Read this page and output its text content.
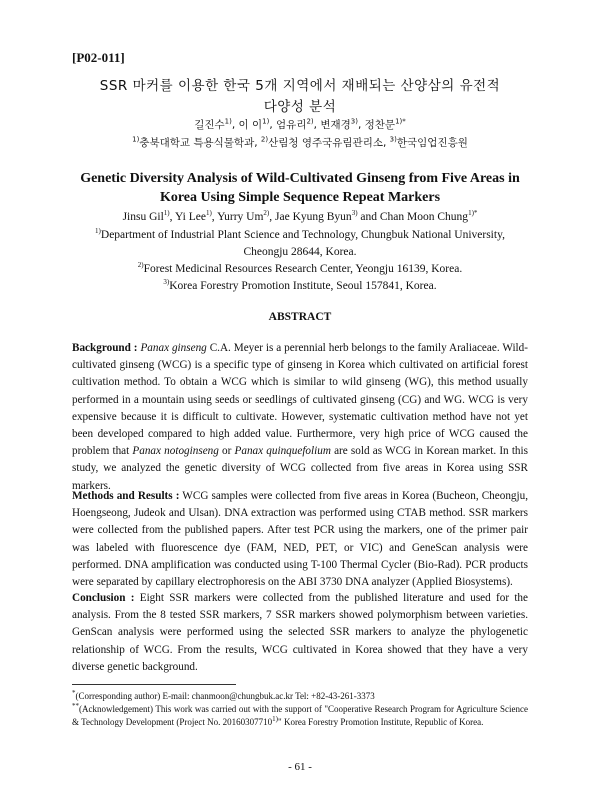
[P02-011]
SSR 마커를 이용한 한국 5개 지역에서 재배되는 산양삼의 유전적
다양성 분석
길진수$^{1)}$, 이 이$^{1)}$, 엄유리$^{2)}$, 변재경$^{3)}$, 정찬문$^{1)*}$
$^{1)}$충북대학교 특용식물학과, $^{2)}$산림청 영주국유림관리소, $^{3)}$한국임업진흥원
Genetic Diversity Analysis of Wild-Cultivated Ginseng from Five Areas in
Korea Using Simple Sequence Repeat Markers
Jinsu Gil$^{1)}$, Yi Lee$^{1)}$, Yurry Um$^{2)}$, Jae Kyung Byun$^{3)}$ and Chan Moon Chung$^{1)*}$
$^{1)}$Department of Industrial Plant Science and Technology, Chungbuk National University,
Cheongju 28644, Korea.
$^{2)}$Forest Medicinal Resources Research Center, Yeongju 16139, Korea.
$^{3)}$Korea Forestry Promotion Institute, Seoul 157841, Korea.
ABSTRACT
Background : Panax ginseng C.A. Meyer is a perennial herb belongs to the family Araliaceae. Wild-cultivated ginseng (WCG) is a specific type of ginseng in Korea which cultivated on artificial forest cultivation method. To obtain a WCG which is similar to wild ginseng (WG), this method usually performed in a mountain using seeds or seedlings of cultivated ginseng (CG) and WG. WCG is very expensive because it is difficult to cultivate. However, systematic cultivation method have not yet been developed compared to high added value. Furthermore, very high price of WCG caused the problem that Panax notoginseng or Panax quinquefolium are sold as WCG in Korean market. In this study, we analyzed the genetic diversity of WCG collected from five areas in Korea using SSR markers.
Methods and Results : WCG samples were collected from five areas in Korea (Bucheon, Cheongju, Hoengseong, Judeok and Ulsan). DNA extraction was performed using CTAB method. SSR markers were collected from the published papers. After test PCR using the markers, one of the primer pair was labeled with fluorescence dye (FAM, NED, PET, or VIC) and GeneScan analysis were performed. DNA amplification was conducted using T-100 Thermal Cycler (Bio-Rad). PCR products were separated by capillary electrophoresis on the ABI 3730 DNA analyzer (Applied Biosystems).
Conclusion : Eight SSR markers were collected from the published literature and used for the analysis. From the 8 tested SSR markers, 7 SSR markers showed polymorphism between varieties. GenScan analysis were performed using the selected SSR markers to analyze the phylogenetic relationship of WCG. From the results, WCG cultivated in Korea showed that they have a very diverse genetic background.
*(Corresponding author) E-mail: chanmoon@chungbuk.ac.kr Tel: +82-43-261-3373
**(Acknowledgement) This work was carried out with the support of "Cooperative Research Program for Agriculture Science & Technology Development (Project No. 20160307710$^{1)}$" Korea Forestry Promotion Institute, Republic of Korea.
- 61 -
